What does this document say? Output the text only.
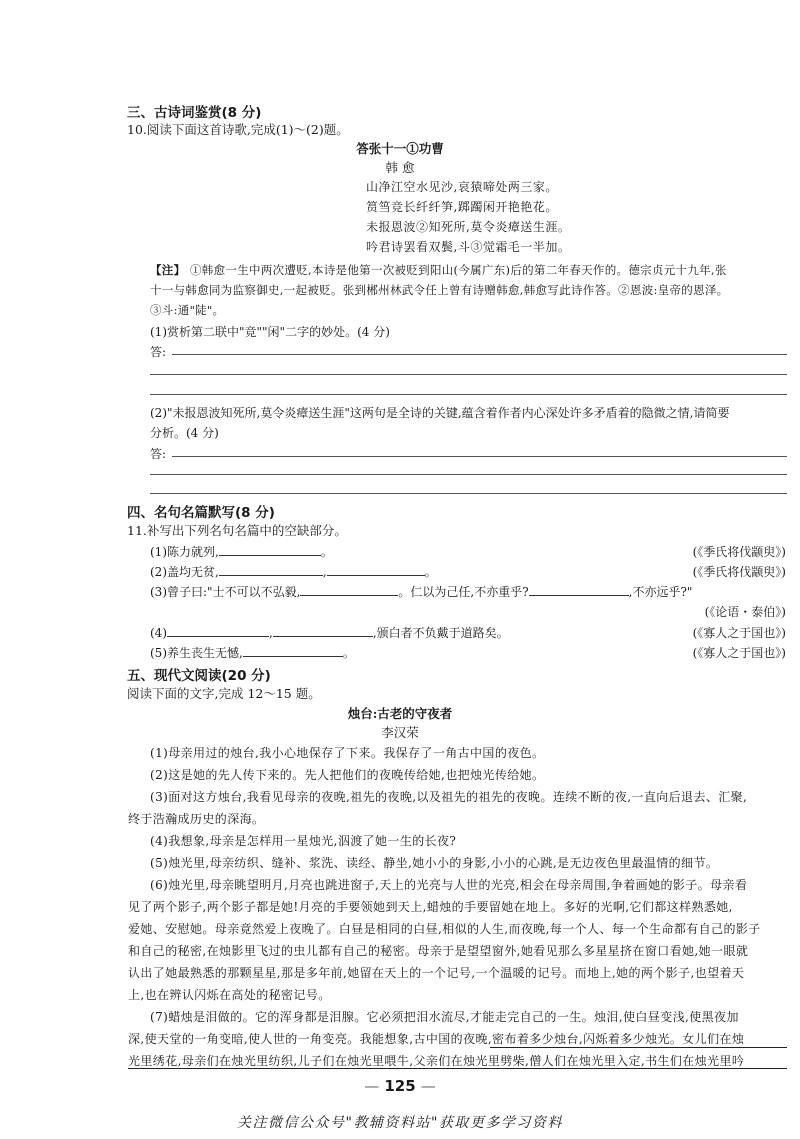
三、古诗词鉴赏(8 分)
10.阅读下面这首诗歌,完成(1)～(2)题。
答张十一①功曹
韩 愈
山净江空水见沙,哀猿啼处两三家。
筼筜竞长纤纤笋,踯躅闲开艳艳花。
未报恩波②知死所,莫令炎瘴送生涯。
吟君诗罢看双鬓,斗③觉霜毛一半加。
【注】 ①韩愈一生中两次遭贬,本诗是他第一次被贬到阳山(今属广东)后的第二年春天作的。德宗贞元十九年,张
十一与韩愈同为监察御史,一起被贬。张到郴州林武令任上曾有诗赠韩愈,韩愈写此诗作答。②恩波:皇帝的恩泽。
③斗:通"陡"。
(1)赏析第二联中"竞""闲"二字的妙处。(4 分)
答:
(2)"未报恩波知死所,莫令炎瘴送生涯"这两句是全诗的关键,蕴含着作者内心深处许多矛盾着的隐微之情,请简要
分析。(4 分)
答:
四、名句名篇默写(8 分)
11.补写出下列名句名篇中的空缺部分。
(1)陈力就列,	。	(《季氏将伐颛臾》)
(2)盖均无贫,	,	。	(《季氏将伐颛臾》)
(3)曾子曰:"士不可以不弘毅,	。仁以为己任,不亦重乎?	,不亦远乎?"
(《论语・泰伯》)
(4)	,	,颁白者不负戴于道路矣。	(《寡人之于国也》)
(5)养生丧生无憾,	。	(《寡人之于国也》)
五、现代文阅读(20 分)
阅读下面的文字,完成 12～15 题。
烛台:古老的守夜者
李汉荣
(1)母亲用过的烛台,我小心地保存了下来。我保存了一角古中国的夜色。
(2)这是她的先人传下来的。先人把他们的夜晚传给她,也把烛光传给她。
(3)面对这方烛台,我看见母亲的夜晚,祖先的夜晚,以及祖先的祖先的夜晚。连续不断的夜,一直向后退去、汇聚,
终于浩瀚成历史的深海。
(4)我想象,母亲是怎样用一星烛光,泅渡了她一生的长夜?
(5)烛光里,母亲纺织、缝补、浆洗、读经、静坐,她小小的身影,小小的心跳,是无边夜色里最温情的细节。
(6)烛光里,母亲眺望明月,月亮也跳进窗子,天上的光亮与人世的光亮,相会在母亲周围,争着画她的影子。母亲看
见了两个影子,两个影子都是她!月亮的手要领她到天上,蜡烛的手要留她在地上。多好的光啊,它们都这样熟悉她,
爱她、安慰她。母亲竟然爱上夜晚了。白昼是相同的白昼,相似的人生,而夜晚,每一个人、每一个生命都有自己的影子
和自己的秘密,在烛影里飞过的虫儿都有自己的秘密。母亲于是望望窗外,她看见那么多星星挤在窗口看她,她一眼就
认出了她最熟悉的那颗星星,那是多年前,她留在天上的一个记号,一个温暖的记号。而地上,她的两个影子,也望着天
上,也在辨认闪烁在高处的秘密记号。
(7)蜡烛是泪做的。它的浑身都是泪腺。它必须把泪水流尽,才能走完自己的一生。烛泪,使白昼变浅,使黑夜加
深,使天堂的一角变暗,使人世的一角变亮。我能想象,古中国的夜晚,密布着多少烛台,闪烁着多少烛光。女儿们在烛
光里绣花,母亲们在烛光里纺织,儿子们在烛光里喂牛,父亲们在烛光里劈柴,僧人们在烛光里入定,书生们在烛光里吟
— 125 —
关注微信公众号"教辅资料站"获取更多学习资料
